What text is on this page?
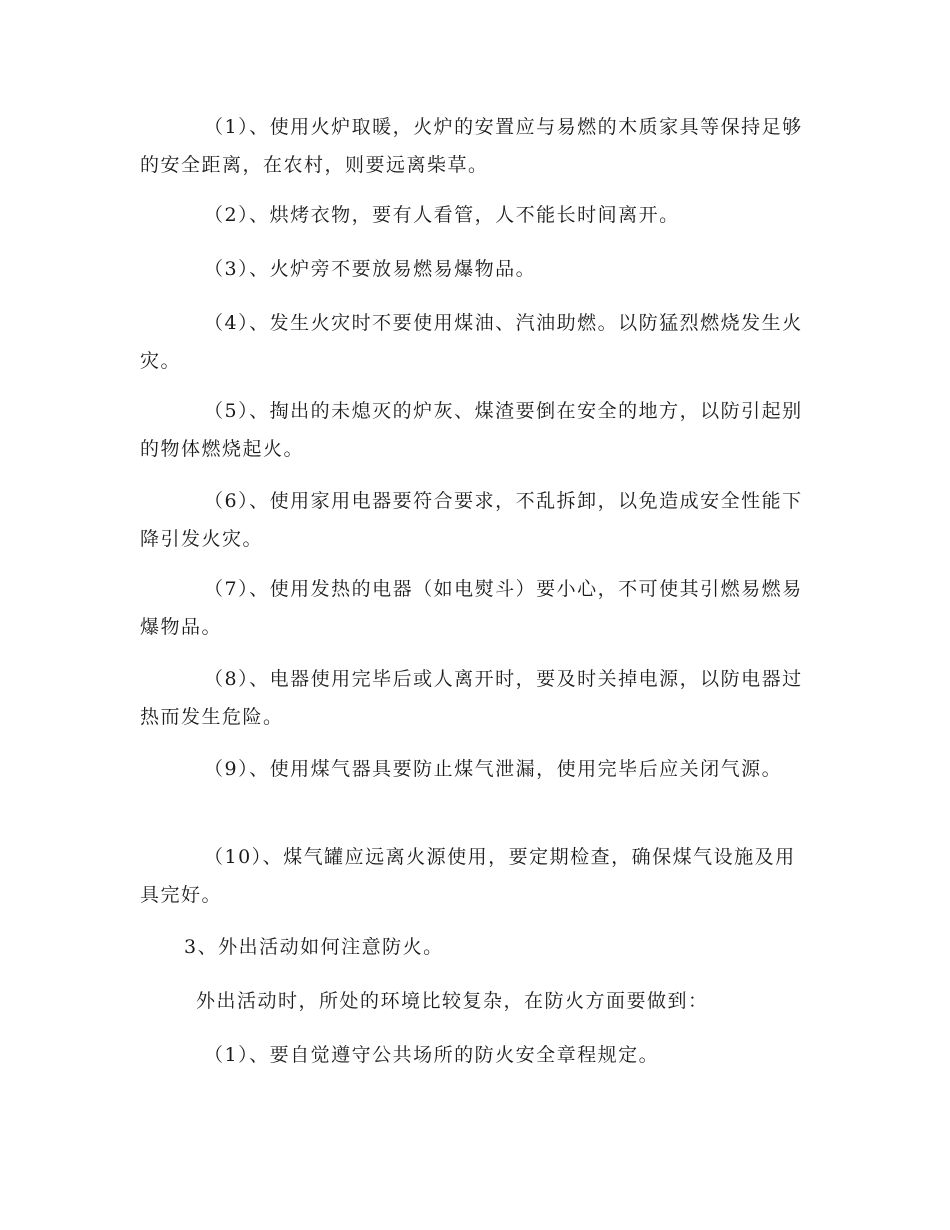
（1）、使用火炉取暖，火炉的安置应与易燃的木质家具等保持足够的安全距离，在农村，则要远离柴草。

（2）、烘烤衣物，要有人看管，人不能长时间离开。

（3）、火炉旁不要放易燃易爆物品。

（4）、发生火灾时不要使用煤油、汽油助燃。以防猛烈燃烧发生火灾。

（5）、掏出的未熄灭的炉灰、煤渣要倒在安全的地方，以防引起别的物体燃烧起火。

（6）、使用家用电器要符合要求，不乱拆卸，以免造成安全性能下降引发火灾。

（7）、使用发热的电器（如电熨斗）要小心，不可使其引燃易燃易爆物品。

（8）、电器使用完毕后或人离开时，要及时关掉电源，以防电器过热而发生危险。

（9）、使用煤气器具要防止煤气泄漏，使用完毕后应关闭气源。

（10）、煤气罐应远离火源使用，要定期检查，确保煤气设施及用具完好。

3、外出活动如何注意防火。

外出活动时，所处的环境比较复杂，在防火方面要做到：

（1）、要自觉遵守公共场所的防火安全章程规定。
